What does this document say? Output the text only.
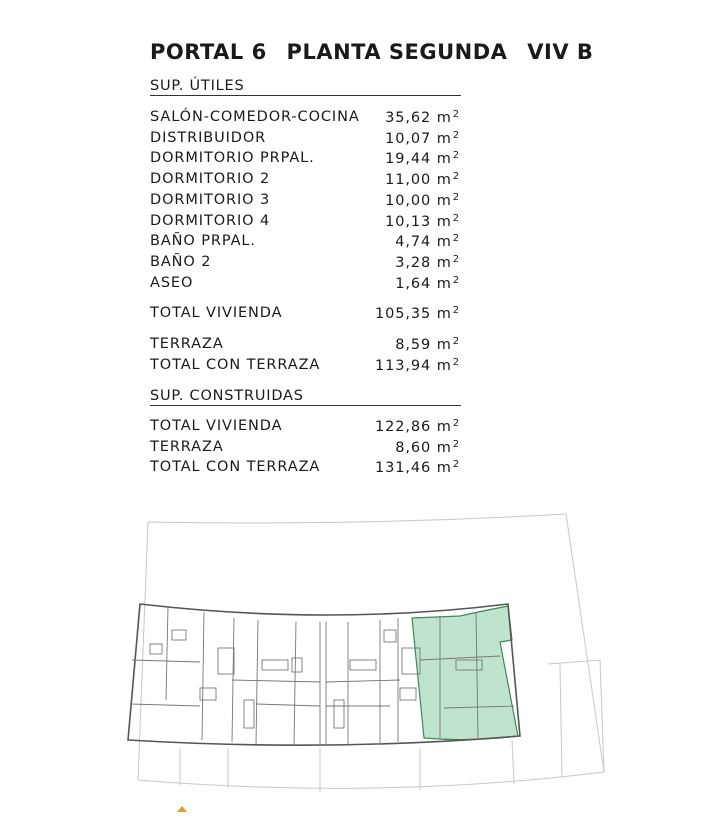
PORTAL 6 PLANTA SEGUNDA VIV B
SUP. ÚTILES
SALÓN-COMEDOR-COCINA 35,62 $m^2$
DISTRIBUIDOR	10,07 $m^2$
DORMITORIO PRPAL.	19,44 $m^2$
DORMITORIO 2	11,00 $m^2$
DORMITORIO 3	10,00 $m^2$
DORMITORIO 4	10,13 $m^2$
BAÑO PRPAL.	4,74 $m^2$
BAÑO 2	3,28 $m^2$
ASEO	1,64 $m^2$
TOTAL VIVIENDA	105,35 $m^2$
TERRAZA	8,59 $m^2$
TOTAL CON TERRAZA	113,94 $m^2$
SUP. CONSTRUIDAS
TOTAL VIVIENDA	122,86 $m^2$
TERRAZA	8,60 $m^2$
TOTAL CON TERRAZA	131,46 $m^2$
